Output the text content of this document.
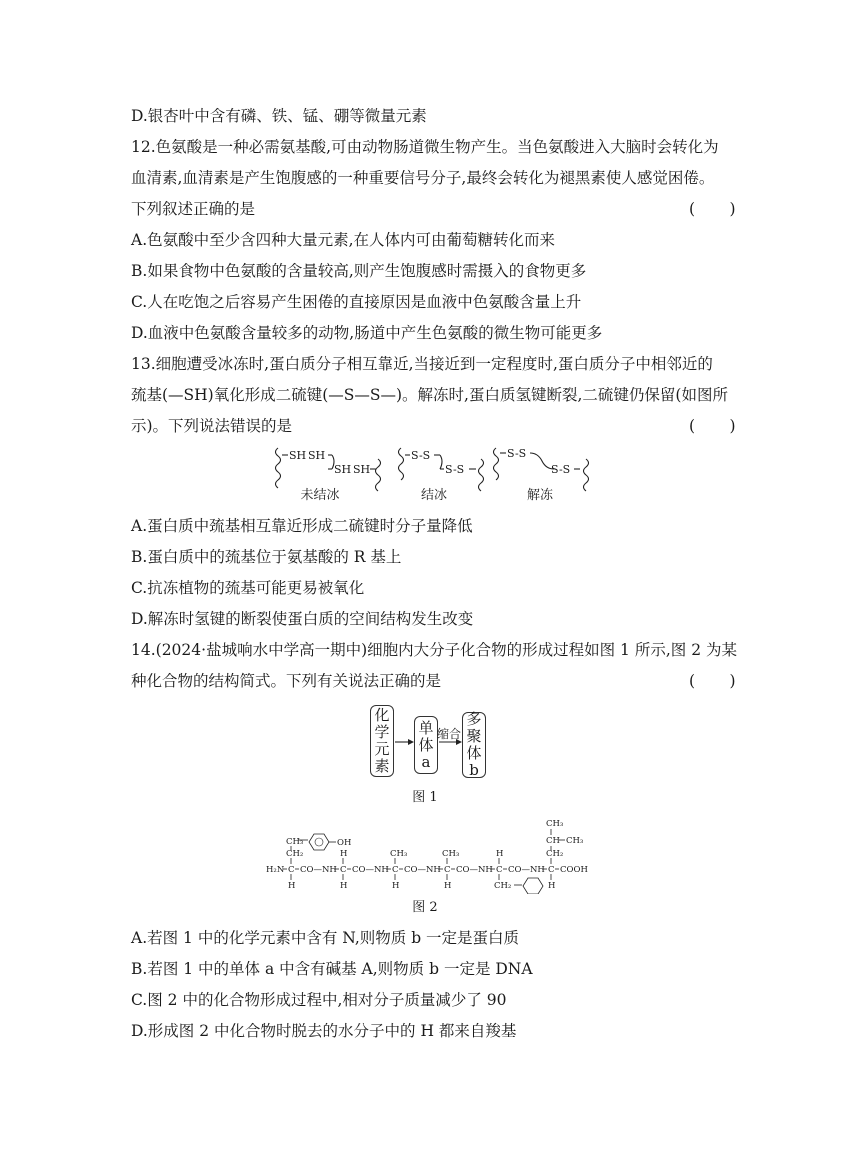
D.银杏叶中含有磷、铁、锰、硼等微量元素
12.色氨酸是一种必需氨基酸,可由动物肠道微生物产生。当色氨酸进入大脑时会转化为
血清素,血清素是产生饱腹感的一种重要信号分子,最终会转化为褪黑素使人感觉困倦。
下列叙述正确的是	(       )
A.色氨酸中至少含四种大量元素,在人体内可由葡萄糖转化而来
B.如果食物中色氨酸的含量较高,则产生饱腹感时需摄入的食物更多
C.人在吃饱之后容易产生困倦的直接原因是血液中色氨酸含量上升
D.血液中色氨酸含量较多的动物,肠道中产生色氨酸的微生物可能更多
13.细胞遭受冰冻时,蛋白质分子相互靠近,当接近到一定程度时,蛋白质分子中相邻近的
巯基(—SH)氧化形成二硫键(—S—S—)。解冻时,蛋白质氢键断裂,二硫键仍保留(如图所
示)。下列说法错误的是	(       )
SH SH
SH SH
S-S
S-S
S-S
S-S
未结冰	结冰	解冻
A.蛋白质中巯基相互靠近形成二硫键时分子量降低
B.蛋白质中的巯基位于氨基酸的 R 基上
C.抗冻植物的巯基可能更易被氧化
D.解冻时氢键的断裂使蛋白质的空间结构发生改变
14.(2024·盐城响水中学高一期中)细胞内大分子化合物的形成过程如图 1 所示,图 2 为某
种化合物的结构简式。下列有关说法正确的是	(       )
化学元素
单体a
多聚体b
缩合
图 1
H₂N C CO—NH C CO—NH C CO—NH C CO—NH C CO—NH C COOH
H	H	H	H	CH₂	H
CH₂
CH₃
H
OH
CH₃	CH₃	H	CH₂
CH CH₃
CH₃
图 2
A.若图 1 中的化学元素中含有 N,则物质 b 一定是蛋白质
B.若图 1 中的单体 a 中含有碱基 A,则物质 b 一定是 DNA
C.图 2 中的化合物形成过程中,相对分子质量减少了 90
D.形成图 2 中化合物时脱去的水分子中的 H 都来自羧基
